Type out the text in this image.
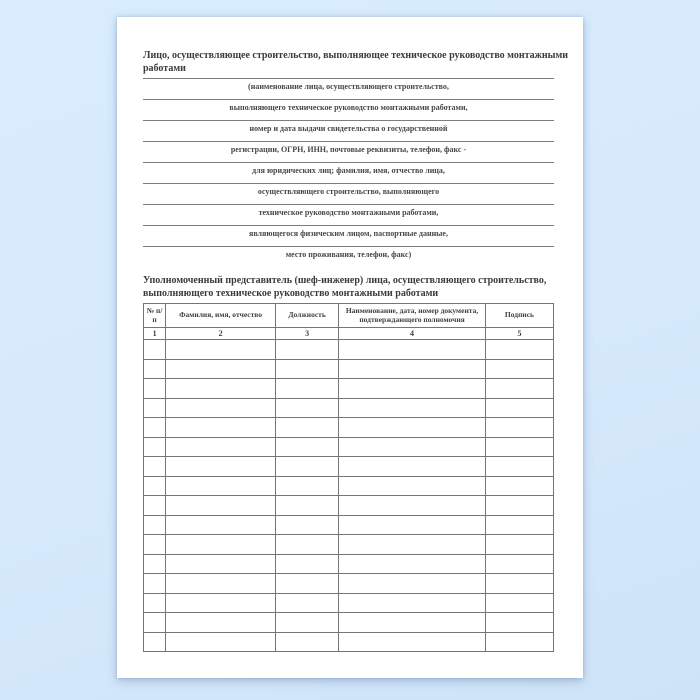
Лицо, осуществляющее строительство, выполняющее техническое руководство монтажными
работами
(наименование лица, осуществляющего строительство,
выполняющего техническое руководство монтажными работами,
номер и дата выдачи свидетельства о государственной
регистрации, ОГРН, ИНН, почтовые реквизиты, телефон, факс -
для юридических лиц; фамилия, имя, отчество лица,
осуществляющего строительство, выполняющего
техническое руководство монтажными работами,
являющегося физическим лицом, паспортные данные,
место проживания, телефон, факс)
Уполномоченный представитель (шеф-инженер) лица, осуществляющего строительство,
выполняющего техническое руководство монтажными работами
№ п/п	Фамилия, имя, отчество	Должность	Наименование, дата, номер документа, подтверждающего полномочия	Подпись
1	2	3	4	5
